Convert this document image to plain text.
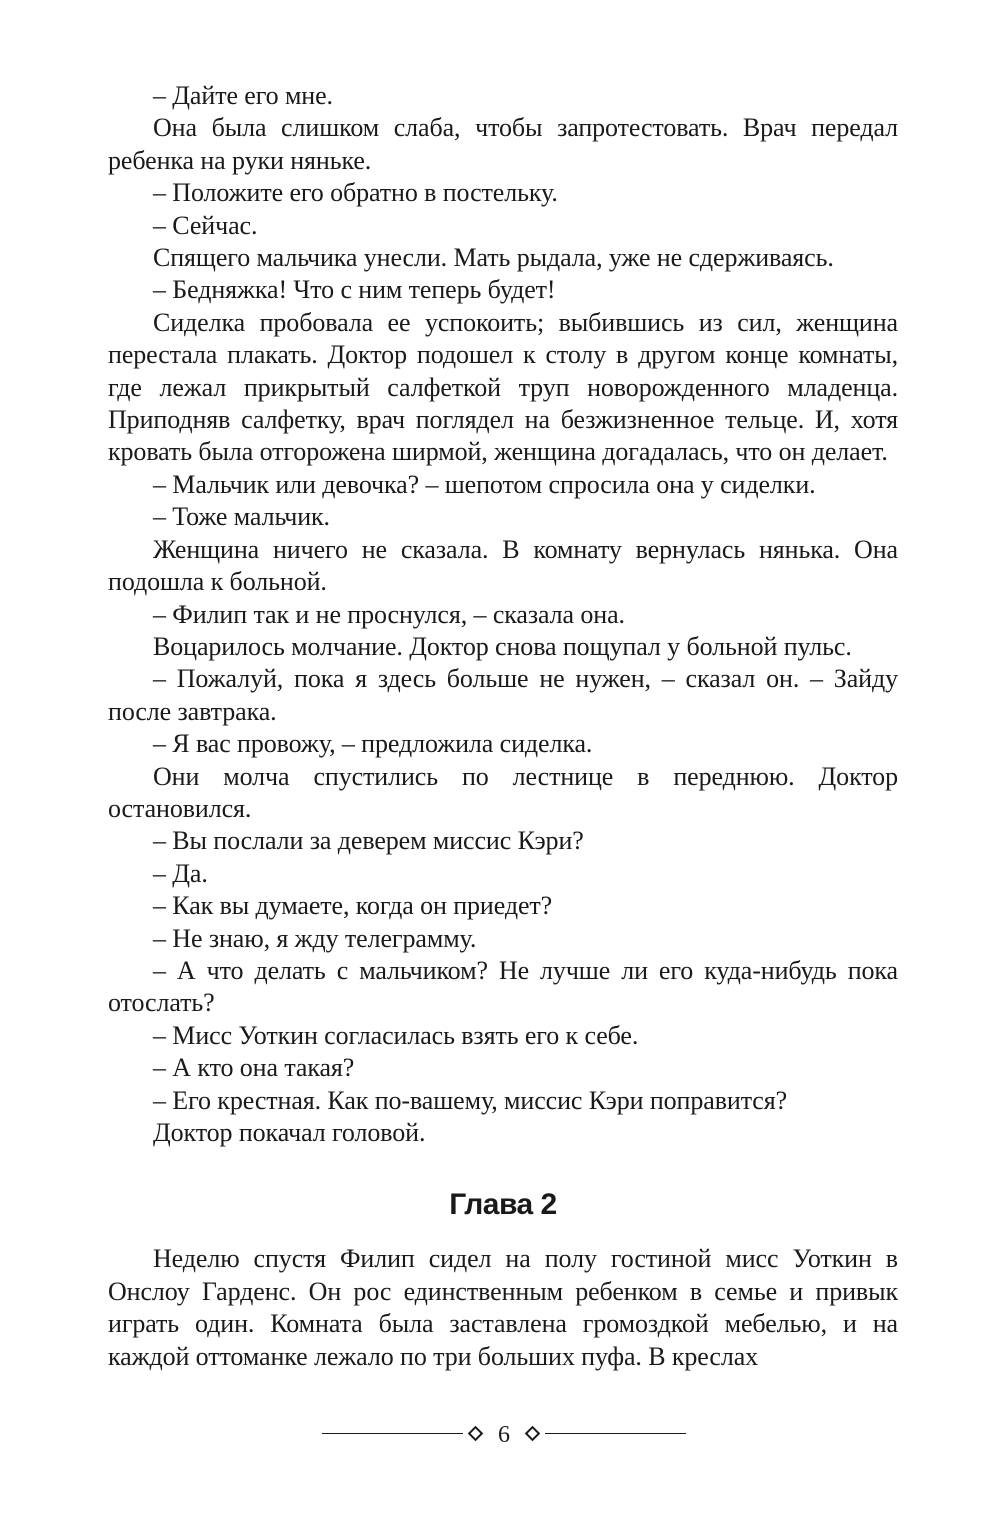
– Дайте его мне.

Она была слишком слаба, чтобы запротестовать. Врач передал ребенка на руки няньке.

– Положите его обратно в постельку.

– Сейчас.

Спящего мальчика унесли. Мать рыдала, уже не сдерживаясь.

– Бедняжка! Что с ним теперь будет!

Сиделка пробовала ее успокоить; выбившись из сил, женщина перестала плакать. Доктор подошел к столу в другом конце комнаты, где лежал прикрытый салфеткой труп новорожденного младенца. Приподняв салфетку, врач поглядел на безжизненное тельце. И, хотя кровать была отгорожена ширмой, женщина догадалась, что он делает.

– Мальчик или девочка? – шепотом спросила она у сиделки.

– Тоже мальчик.

Женщина ничего не сказала. В комнату вернулась нянька. Она подошла к больной.

– Филип так и не проснулся, – сказала она.

Воцарилось молчание. Доктор снова пощупал у больной пульс.

– Пожалуй, пока я здесь больше не нужен, – сказал он. – Зайду после завтрака.

– Я вас провожу, – предложила сиделка.

Они молча спустились по лестнице в переднюю. Доктор остановился.

– Вы послали за деверем миссис Кэри?

– Да.

– Как вы думаете, когда он приедет?

– Не знаю, я жду телеграмму.

– А что делать с мальчиком? Не лучше ли его куда-нибудь пока отослать?

– Мисс Уоткин согласилась взять его к себе.

– А кто она такая?

– Его крестная. Как по-вашему, миссис Кэри поправится?

Доктор покачал головой.

Глава 2

Неделю спустя Филип сидел на полу гостиной мисс Уоткин в Онслоу Гарденс. Он рос единственным ребенком в семье и привык играть один. Комната была заставлена громоздкой мебелью, и на каждой оттоманке лежало по три больших пуфа. В креслах

6
